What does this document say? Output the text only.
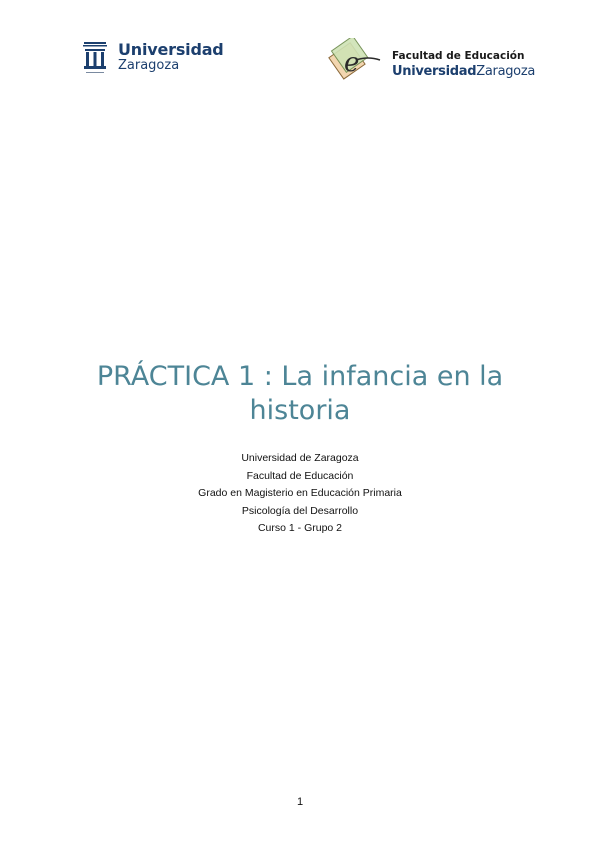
Universidad
Zaragoza	e	Facultad de Educación
UniversidadZaragoza
PRÁCTICA 1 : La infancia en la
historia
Universidad de Zaragoza
Facultad de Educación
Grado en Magisterio en Educación Primaria
Psicología del Desarrollo
Curso 1 - Grupo 2
1
